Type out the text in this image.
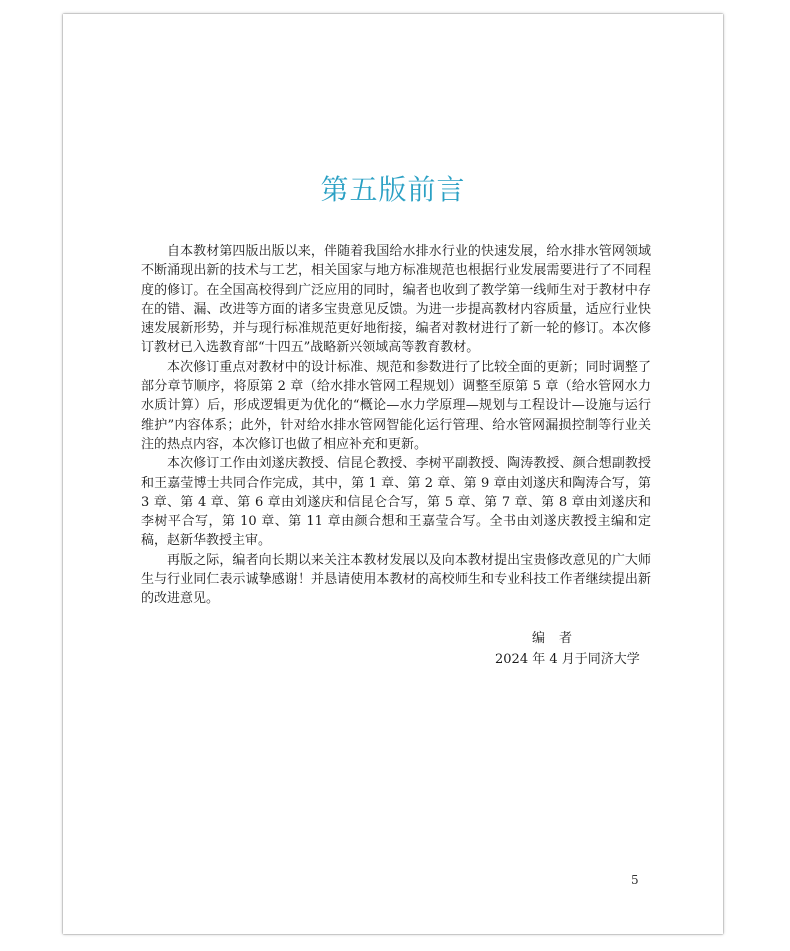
第五版前言

自本教材第四版出版以来，伴随着我国给水排水行业的快速发展，给水排水管网领域不断涌现出新的技术与工艺，相关国家与地方标准规范也根据行业发展需要进行了不同程度的修订。在全国高校得到广泛应用的同时，编者也收到了教学第一线师生对于教材中存在的错、漏、改进等方面的诸多宝贵意见反馈。为进一步提高教材内容质量，适应行业快速发展新形势，并与现行标准规范更好地衔接，编者对教材进行了新一轮的修订。本次修订教材已入选教育部“十四五”战略新兴领域高等教育教材。

本次修订重点对教材中的设计标准、规范和参数进行了比较全面的更新；同时调整了部分章节顺序，将原第 2 章（给水排水管网工程规划）调整至原第 5 章（给水管网水力水质计算）后，形成逻辑更为优化的“概论—水力学原理—规划与工程设计—设施与运行维护”内容体系；此外，针对给水排水管网智能化运行管理、给水管网漏损控制等行业关注的热点内容，本次修订也做了相应补充和更新。

本次修订工作由刘遂庆教授、信昆仑教授、李树平副教授、陶涛教授、颜合想副教授和王嘉莹博士共同合作完成，其中，第 1 章、第 2 章、第 9 章由刘遂庆和陶涛合写，第 3 章、第 4 章、第 6 章由刘遂庆和信昆仑合写，第 5 章、第 7 章、第 8 章由刘遂庆和李树平合写，第 10 章、第 11 章由颜合想和王嘉莹合写。全书由刘遂庆教授主编和定稿，赵新华教授主审。

再版之际，编者向长期以来关注本教材发展以及向本教材提出宝贵修改意见的广大师生与行业同仁表示诚挚感谢！并恳请使用本教材的高校师生和专业科技工作者继续提出新的改进意见。

编者
2024 年 4 月于同济大学
5
